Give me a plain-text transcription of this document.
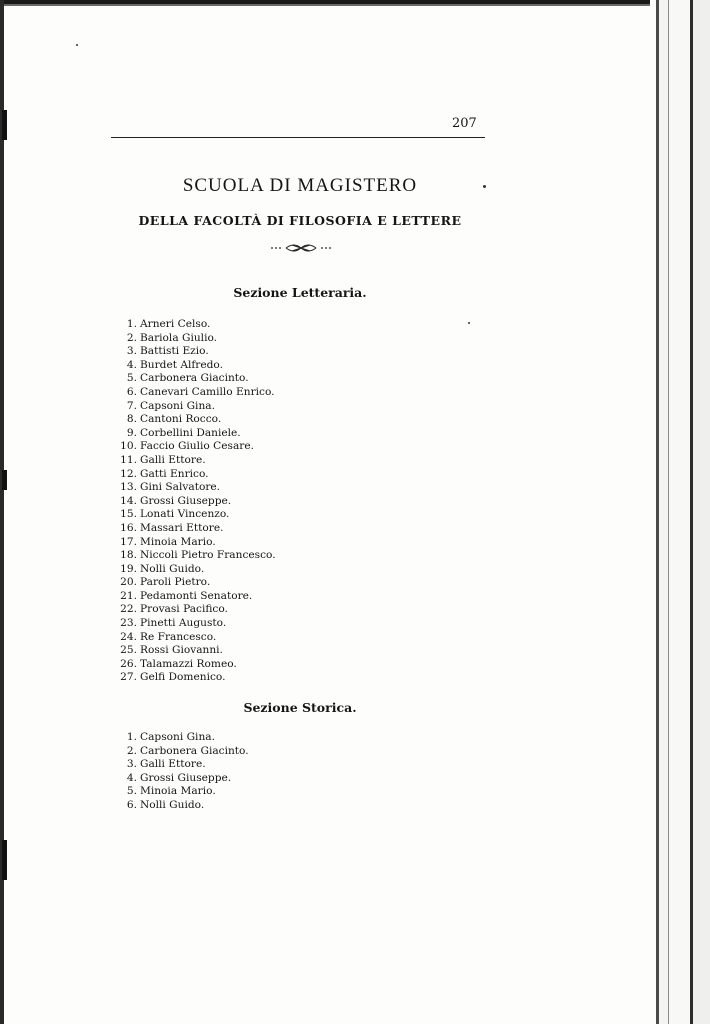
207
SCUOLA DI MAGISTERO
DELLA FACOLTÀ DI FILOSOFIA E LETTERE
Sezione Letteraria.
1. Arneri Celso.
2. Bariola Giulio.
3. Battisti Ezio.
4. Burdet Alfredo.
5. Carbonera Giacinto.
6. Canevari Camillo Enrico.
7. Capsoni Gina.
8. Cantoni Rocco.
9. Corbellini Daniele.
10. Faccio Giulio Cesare.
11. Galli Ettore.
12. Gatti Enrico.
13. Gini Salvatore.
14. Grossi Giuseppe.
15. Lonati Vincenzo.
16. Massari Ettore.
17. Minoia Mario.
18. Niccoli Pietro Francesco.
19. Nolli Guido.
20. Paroli Pietro.
21. Pedamonti Senatore.
22. Provasi Pacifico.
23. Pinetti Augusto.
24. Re Francesco.
25. Rossi Giovanni.
26. Talamazzi Romeo.
27. Gelfi Domenico.
Sezione Storica.
1. Capsoni Gina.
2. Carbonera Giacinto.
3. Galli Ettore.
4. Grossi Giuseppe.
5. Minoia Mario.
6. Nolli Guido.
